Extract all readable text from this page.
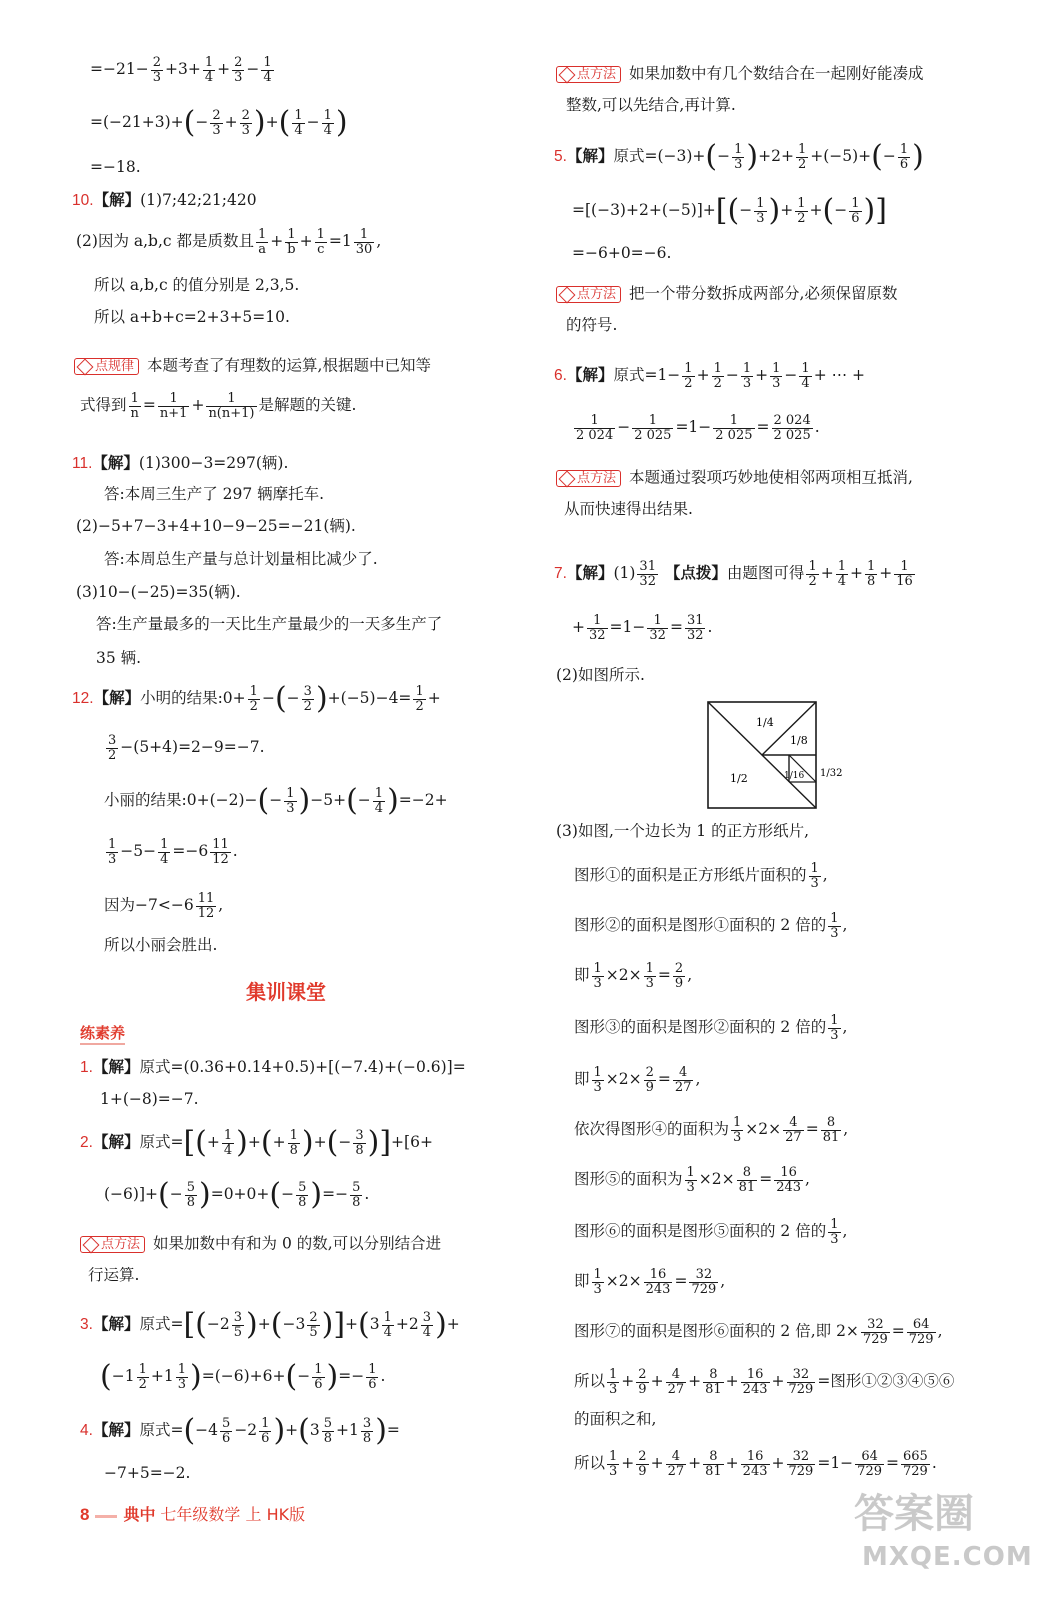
$=-21- \frac{2}{3} +3+ \frac{1}{4} + \frac{2}{3} - \frac{1}{4}$
$=(-21+3)+(- \frac{2}{3} + \frac{2}{3}$ )+( $\frac{1}{4} - \frac{1}{4}$ )
=−18.
10.【解】(1)7;42;21;420
(2)因为 a,b,c 都是质数且 $\frac{1}{a} + \frac{1}{b} + \frac{1}{c} =1 \frac{1}{30}$ ,
所以 a,b,c 的值分别是 2,3,5.
所以 a+b+c=2+3+5=10.
点规律 本题考查了有理数的运算,根据题中已知等
式得到 $\frac{1}{n} = \frac{1}{n+1} + \frac{1}{n(n+1)}$ 是解题的关键.
11.【解】(1)300−3=297(辆).
答:本周三生产了 297 辆摩托车.
(2)−5+7−3+4+10−9−25=−21(辆).
答:本周总生产量与总计划量相比减少了.
(3)10−(−25)=35(辆).
答:生产量最多的一天比生产量最少的一天多生产了
35 辆.
12.【解】小明的结果:0+ $\frac{1}{2}$ −(− $\frac{3}{2} )+(-5)-4= \frac{1}{2}$ +
$\frac{3}{2} -(5+4)=2-9=-7$.
小丽的结果:0+(−2)−(− $\frac{1}{3} )-5+(- \frac{1}{4} )=-2+$
$\frac{1}{3} -5- \frac{1}{4} =-6 \frac{11}{12}$ .
因为$-7<-6 \frac{11}{12}$ ,
所以小丽会胜出.
集训课堂
练素养
1.【解】原式=(0.36+0.14+0.5)+[(−7.4)+(−0.6)]=
1+(−8)=−7.
2.【解】原式=[(+ $\frac{1}{4}$ )+(+ $\frac{1}{8}$ )+(− $\frac{3}{8} )]+[6+$
$(-6)]+(- \frac{5}{8} )=0+0+(- \frac{5}{8}$ )=− $\frac{5}{8}$ .
点方法 如果加数中有和为 0 的数,可以分别结合进
行运算.
3.【解】原式$=[(-2 \frac{3}{5} )+(-3 \frac{2}{5} )]+(3 \frac{1}{4} +2 \frac{3}{4}$ )+
$(-1 \frac{1}{2} +1 \frac{1}{3} )=(-6)+6+(- \frac{1}{6}$ )=− $\frac{1}{6}$ .
4.【解】原式$=(-4 \frac{5}{6} -2 \frac{1}{6} )+(3 \frac{5}{8} +1 \frac{3}{8}$ )=
−7+5=−2.
点方法 如果加数中有几个数结合在一起刚好能凑成
整数,可以先结合,再计算.
5.【解】原式$=(-3)+(- \frac{1}{3} )+2+ \frac{1}{2} +(-5)+(- \frac{1}{6}$ )
$=[(-3)+2+(-5)]+[(- \frac{1}{3}$ )+ $\frac{1}{2}$ +(− $\frac{1}{6}$ )]
=−6+0=−6.
点方法 把一个带分数拆成两部分,必须保留原数
的符号.
6.【解】原式$=1- \frac{1}{2} + \frac{1}{2} - \frac{1}{3} + \frac{1}{3} - \frac{1}{4}$ + ⋯ +
$\frac{1}{2 024} - \frac{1}{2 025} =1- \frac{1}{2 025} = \frac{2 024}{2 025}$ .
点方法 本题通过裂项巧妙地使相邻两项相互抵消,
从而快速得出结果.
7.【解】$(1) \frac{31}{32}$ 【点拨】由题图可得 $\frac{1}{2} + \frac{1}{4} + \frac{1}{8} + \frac{1}{16}$
+ $\frac{1}{32} =1- \frac{1}{32} = \frac{31}{32}$ .
(2)如图所示.
1/4
1/8
1/16 1/32
1/2
(3)如图,一个边长为 1 的正方形纸片,
图形①的面积是正方形纸片面积的 $\frac{1}{3}$ ,
图形②的面积是图形①面积的 2 倍的 $\frac{1}{3}$ ,
即 $\frac{1}{3} \times 2\times \frac{1}{3} = \frac{2}{9}$ ,
图形③的面积是图形②面积的 2 倍的 $\frac{1}{3}$ ,
即 $\frac{1}{3} \times 2\times \frac{2}{9} = \frac{4}{27}$ ,
依次得图形④的面积为 $\frac{1}{3} \times 2\times \frac{4}{27} = \frac{8}{81}$ ,
图形⑤的面积为 $\frac{1}{3} \times 2\times \frac{8}{81} = \frac{16}{243}$ ,
图形⑥的面积是图形⑤面积的 2 倍的 $\frac{1}{3}$ ,
即 $\frac{1}{3} \times 2\times \frac{16}{243} = \frac{32}{729}$ ,
图形⑦的面积是图形⑥面积的 2 倍,即 $2\times \frac{32}{729} = \frac{64}{729}$ ,
所以 $\frac{1}{3} + \frac{2}{9} + \frac{4}{27} + \frac{8}{81} + \frac{16}{243} + \frac{32}{729}$ =图形①②③④⑤⑥
的面积之和,
所以 $\frac{1}{3} + \frac{2}{9} + \frac{4}{27} + \frac{8}{81} + \frac{16}{243} + \frac{32}{729} =1- \frac{64}{729} = \frac{665}{729}$ .
8 典中 七年级数学 上 HK版	答案圈
MXQE.COM
